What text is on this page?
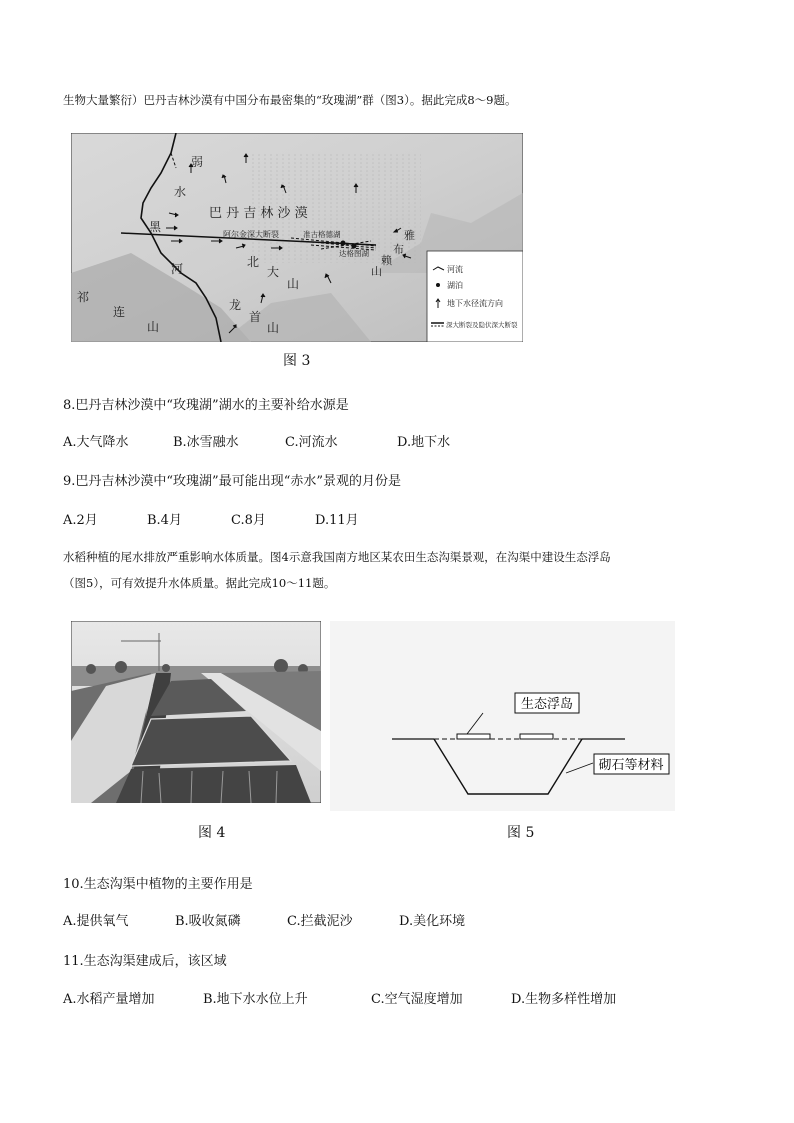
生物大量繁衍）巴丹吉林沙漠有中国分布最密集的“玫瑰湖”群（图3）。据此完成8～9题。
弱
水
黑
河
巴 丹 吉 林 沙 漠
阿尔金深大断裂	准古格德湖
达格图湖
雅
布
赖
山
北
大
山
祁
连
山
龙
首
山
河流
湖泊
地下水径流方向
深大断裂及隐伏深大断裂
图 3
8.巴丹吉林沙漠中“玫瑰湖”湖水的主要补给水源是
A.大气降水	B.冰雪融水	C.河流水	D.地下水
9.巴丹吉林沙漠中“玫瑰湖”最可能出现“赤水”景观的月份是
A.2月	B.4月	C.8月	D.11月
水稻种植的尾水排放严重影响水体质量。图4示意我国南方地区某农田生态沟渠景观，在沟渠中建设生态浮岛
（图5），可有效提升水体质量。据此完成10～11题。
图 4
生态浮岛
砌石等材料
图 5
10.生态沟渠中植物的主要作用是
A.提供氧气	B.吸收氮磷	C.拦截泥沙	D.美化环境
11.生态沟渠建成后，该区域
A.水稻产量增加	B.地下水水位上升	C.空气湿度增加	D.生物多样性增加
